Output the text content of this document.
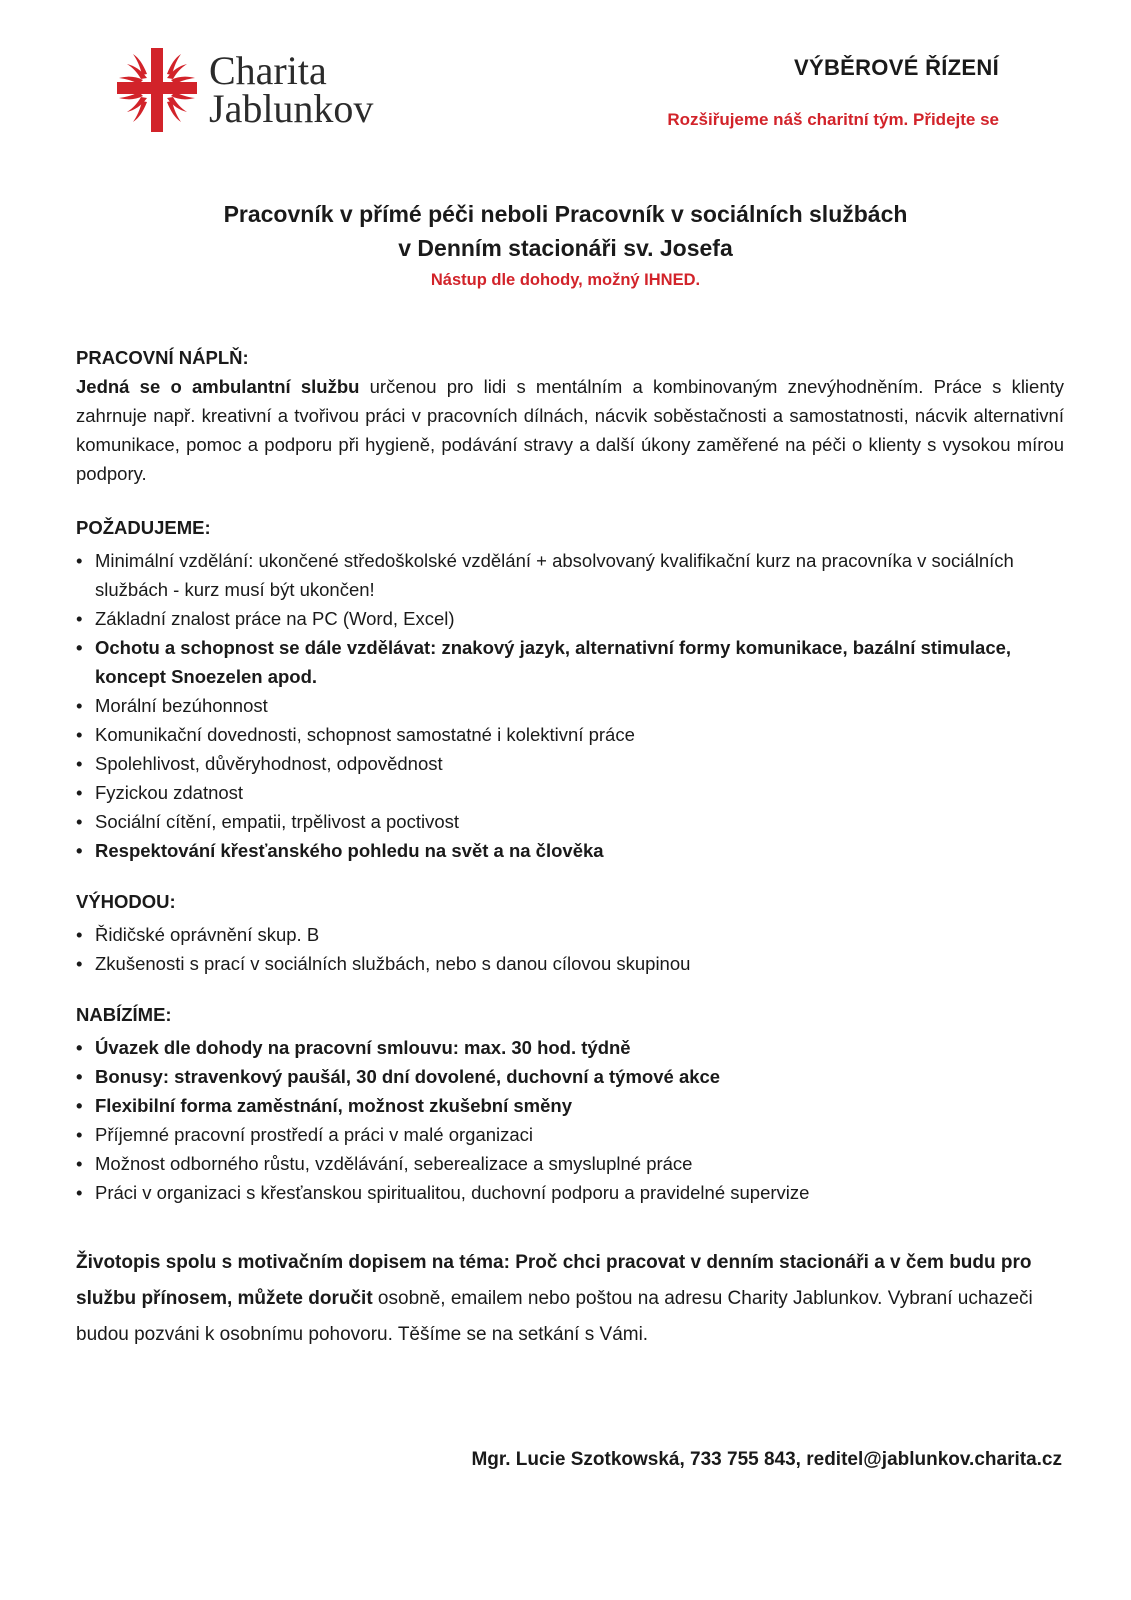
Charita
Jablunkov
VÝBĚROVÉ ŘÍZENÍ
Rozšiřujeme náš charitní tým. Přidejte se
Pracovník v přímé péči neboli Pracovník v sociálních službách
v Denním stacionáři sv. Josefa
Nástup dle dohody, možný IHNED.

PRACOVNÍ NÁPLŇ:

Jedná se o ambulantní službu určenou pro lidi s mentálním a kombinovaným znevýhodněním. Práce s klienty zahrnuje např. kreativní a tvořivou práci v pracovních dílnách, nácvik soběstačnosti a samostatnosti, nácvik alternativní komunikace, pomoc a podporu při hygieně, podávání stravy a další úkony zaměřené na péči o klienty s vysokou mírou podpory.

POŽADUJEME:

• Minimální vzdělání: ukončené středoškolské vzdělání + absolvovaný kvalifikační kurz na pracovníka v sociálních službách - kurz musí být ukončen!
• Základní znalost práce na PC (Word, Excel)
• Ochotu a schopnost se dále vzdělávat: znakový jazyk, alternativní formy komunikace, bazální stimulace, koncept Snoezelen apod.
• Morální bezúhonnost
• Komunikační dovednosti, schopnost samostatné i kolektivní práce
• Spolehlivost, důvěryhodnost, odpovědnost
• Fyzickou zdatnost
• Sociální cítění, empatii, trpělivost a poctivost
• Respektování křesťanského pohledu na svět a na člověka

VÝHODOU:

• Řidičské oprávnění skup. B
• Zkušenosti s prací v sociálních službách, nebo s danou cílovou skupinou

NABÍZÍME:

• Úvazek dle dohody na pracovní smlouvu: max. 30 hod. týdně
• Bonusy: stravenkový paušál, 30 dní dovolené, duchovní a týmové akce
• Flexibilní forma zaměstnání, možnost zkušební směny
• Příjemné pracovní prostředí a práci v malé organizaci
• Možnost odborného růstu, vzdělávání, seberealizace a smysluplné práce
• Práci v organizaci s křesťanskou spiritualitou, duchovní podporu a pravidelné supervize

Životopis spolu s motivačním dopisem na téma: Proč chci pracovat v denním stacionáři a v čem budu pro službu přínosem, můžete doručit osobně, emailem nebo poštou na adresu Charity Jablunkov. Vybraní uchazeči budou pozváni k osobnímu pohovoru. Těšíme se na setkání s Vámi.

Mgr. Lucie Szotkowská, 733 755 843, reditel@jablunkov.charita.cz
